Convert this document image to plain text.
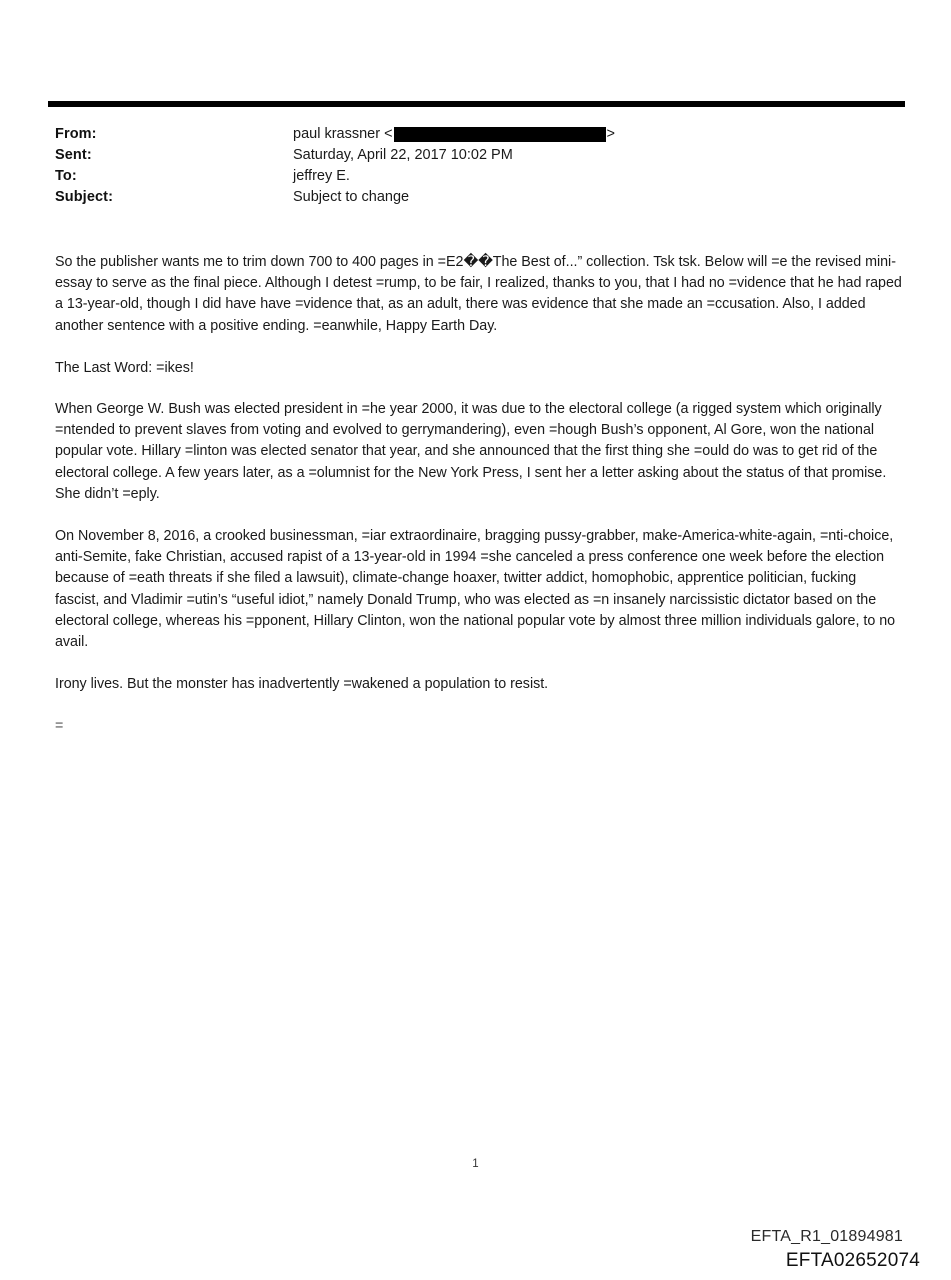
From:	paul krassner <	>
Sent:	Saturday, April 22, 2017 10:02 PM
To:	jeffrey E.
Subject:	Subject to change

So the publisher wants me to trim down 700 to 400 pages in =E2��The Best of...” collection. Tsk tsk. Below will =e the revised mini-essay to serve as the final piece. Although I detest =rump, to be fair, I realized, thanks to you, that I had no =vidence that he had raped a 13-year-old, though I did have have =vidence that, as an adult, there was evidence that she made an =ccusation. Also, I added another sentence with a positive ending. =eanwhile, Happy Earth Day.

The Last Word: =ikes!

When George W. Bush was elected president in =he year 2000, it was due to the electoral college (a rigged system which originally =ntended to prevent slaves from voting and evolved to gerrymandering), even =hough Bush’s opponent, Al Gore, won the national popular vote. Hillary =linton was elected senator that year, and she announced that the first thing she =ould do was to get rid of the electoral college. A few years later, as a =olumnist for the New York Press, I sent her a letter asking about the status of that promise. She didn’t =eply.

On November 8, 2016, a crooked businessman, =iar extraordinaire, bragging pussy-grabber, make-America-white-again, =nti-choice, anti-Semite, fake Christian, accused rapist of a 13-year-old in 1994 =she canceled a press conference one week before the election because of =eath threats if she filed a lawsuit), climate-change hoaxer, twitter addict, homophobic, apprentice politician, fucking fascist, and Vladimir =utin’s “useful idiot,” namely Donald Trump, who was elected as =n insanely narcissistic dictator based on the electoral college, whereas his =pponent, Hillary Clinton, won the national popular vote by almost three million individuals galore, to no avail.

Irony lives. But the monster has inadvertently =wakened a population to resist.

=

1
EFTA_R1_01894981
EFTA02652074
